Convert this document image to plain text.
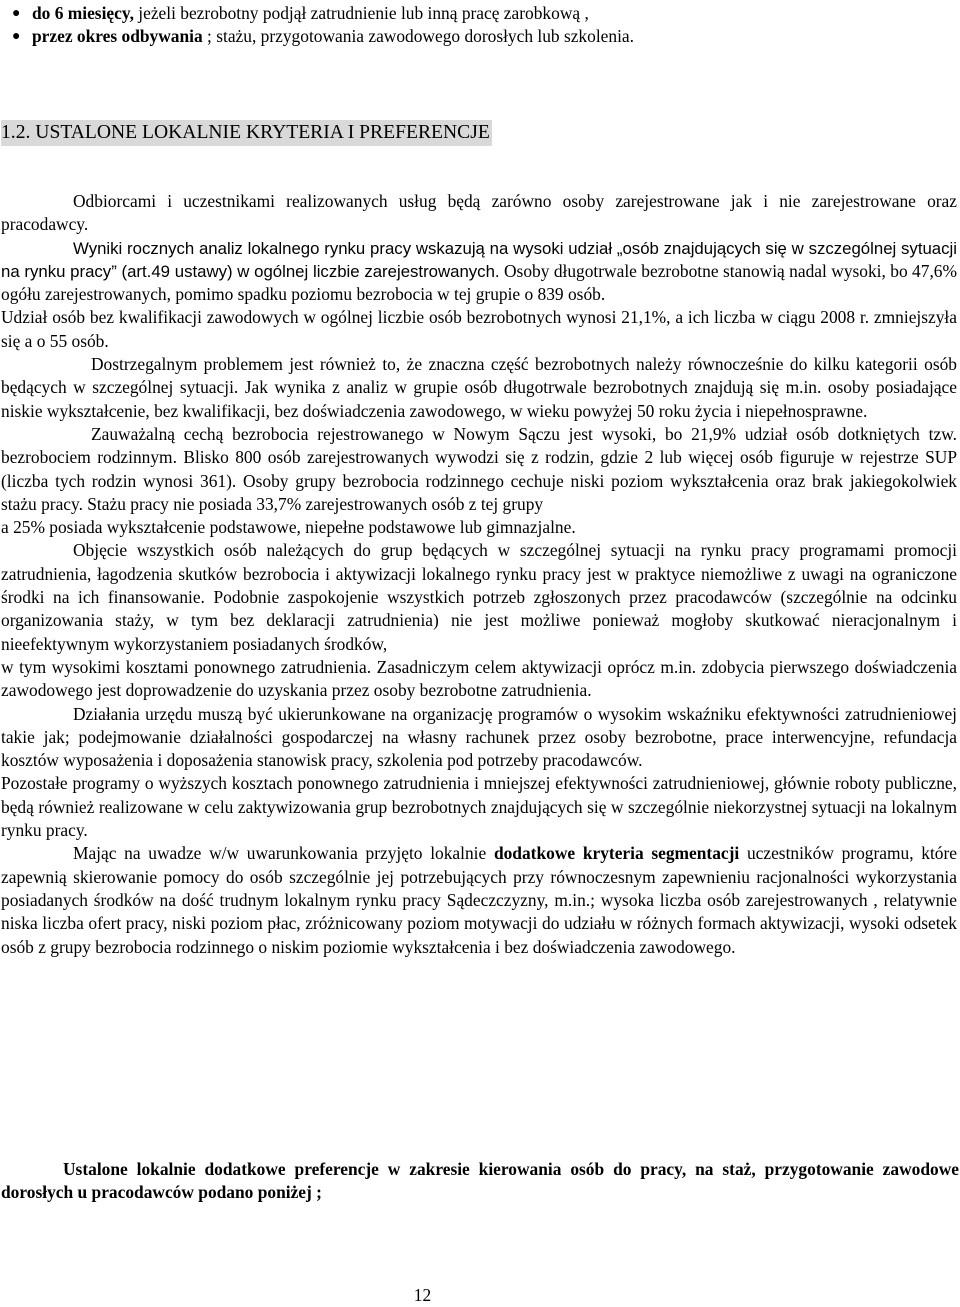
● do 6 miesięcy, jeżeli bezrobotny podjął zatrudnienie lub inną pracę zarobkową ,
● przez okres odbywania ; stażu, przygotowania zawodowego dorosłych lub szkolenia.
1.2. USTALONE LOKALNIE KRYTERIA I PREFERENCJE

Odbiorcami i uczestnikami realizowanych usług będą zarówno osoby zarejestrowane jak i nie zarejestrowane oraz pracodawcy.

Wyniki rocznych analiz lokalnego rynku pracy wskazują na wysoki udział „osób znajdujących się w szczególnej sytuacji na rynku pracy” (art.49 ustawy) w ogólnej liczbie zarejestrowanych. Osoby długotrwale bezrobotne stanowią nadal wysoki, bo 47,6% ogółu zarejestrowanych, pomimo spadku poziomu bezrobocia w tej grupie o 839 osób.

Udział osób bez kwalifikacji zawodowych w ogólnej liczbie osób bezrobotnych wynosi 21,1%, a ich liczba w ciągu 2008 r. zmniejszyła się a o 55 osób.

Dostrzegalnym problemem jest również to, że znaczna część bezrobotnych należy równocześnie do kilku kategorii osób będących w szczególnej sytuacji. Jak wynika z analiz w grupie osób długotrwale bezrobotnych znajdują się m.in. osoby posiadające niskie wykształcenie, bez kwalifikacji, bez doświadczenia zawodowego, w wieku powyżej 50 roku życia i niepełnosprawne.

Zauważalną cechą bezrobocia rejestrowanego w Nowym Sączu jest wysoki, bo 21,9% udział osób dotkniętych tzw. bezrobociem rodzinnym. Blisko 800 osób zarejestrowanych wywodzi się z rodzin, gdzie 2 lub więcej osób figuruje w rejestrze SUP (liczba tych rodzin wynosi 361). Osoby grupy bezrobocia rodzinnego cechuje niski poziom wykształcenia oraz brak jakiegokolwiek stażu pracy. Stażu pracy nie posiada 33,7% zarejestrowanych osób z tej grupy
a 25% posiada wykształcenie podstawowe, niepełne podstawowe lub gimnazjalne.

Objęcie wszystkich osób należących do grup będących w szczególnej sytuacji na rynku pracy programami promocji zatrudnienia, łagodzenia skutków bezrobocia i aktywizacji lokalnego rynku pracy jest w praktyce niemożliwe z uwagi na ograniczone środki na ich finansowanie. Podobnie zaspokojenie wszystkich potrzeb zgłoszonych przez pracodawców (szczególnie na odcinku organizowania staży, w tym bez deklaracji zatrudnienia) nie jest możliwe ponieważ mogłoby skutkować nieracjonalnym i nieefektywnym wykorzystaniem posiadanych środków,
w tym wysokimi kosztami ponownego zatrudnienia. Zasadniczym celem aktywizacji oprócz m.in. zdobycia pierwszego doświadczenia zawodowego jest doprowadzenie do uzyskania przez osoby bezrobotne zatrudnienia.

Działania urzędu muszą być ukierunkowane na organizację programów o wysokim wskaźniku efektywności zatrudnieniowej takie jak; podejmowanie działalności gospodarczej na własny rachunek przez osoby bezrobotne, prace interwencyjne, refundacja kosztów wyposażenia i doposażenia stanowisk pracy, szkolenia pod potrzeby pracodawców.

Pozostałe programy o wyższych kosztach ponownego zatrudnienia i mniejszej efektywności zatrudnieniowej, głównie roboty publiczne, będą również realizowane w celu zaktywizowania grup bezrobotnych znajdujących się w szczególnie niekorzystnej sytuacji na lokalnym rynku pracy.

Mając na uwadze w/w uwarunkowania przyjęto lokalnie dodatkowe kryteria segmentacji uczestników programu, które zapewnią skierowanie pomocy do osób szczególnie jej potrzebujących przy równoczesnym zapewnieniu racjonalności wykorzystania posiadanych środków na dość trudnym lokalnym rynku pracy Sądeczczyzny, m.in.; wysoka liczba osób zarejestrowanych , relatywnie niska liczba ofert pracy, niski poziom płac, zróżnicowany poziom motywacji do udziału w różnych formach aktywizacji, wysoki odsetek osób z grupy bezrobocia rodzinnego o niskim poziomie wykształcenia i bez doświadczenia zawodowego.

Ustalone lokalnie dodatkowe preferencje w zakresie kierowania osób do pracy, na staż, przygotowanie zawodowe dorosłych u pracodawców podano poniżej ;

12
